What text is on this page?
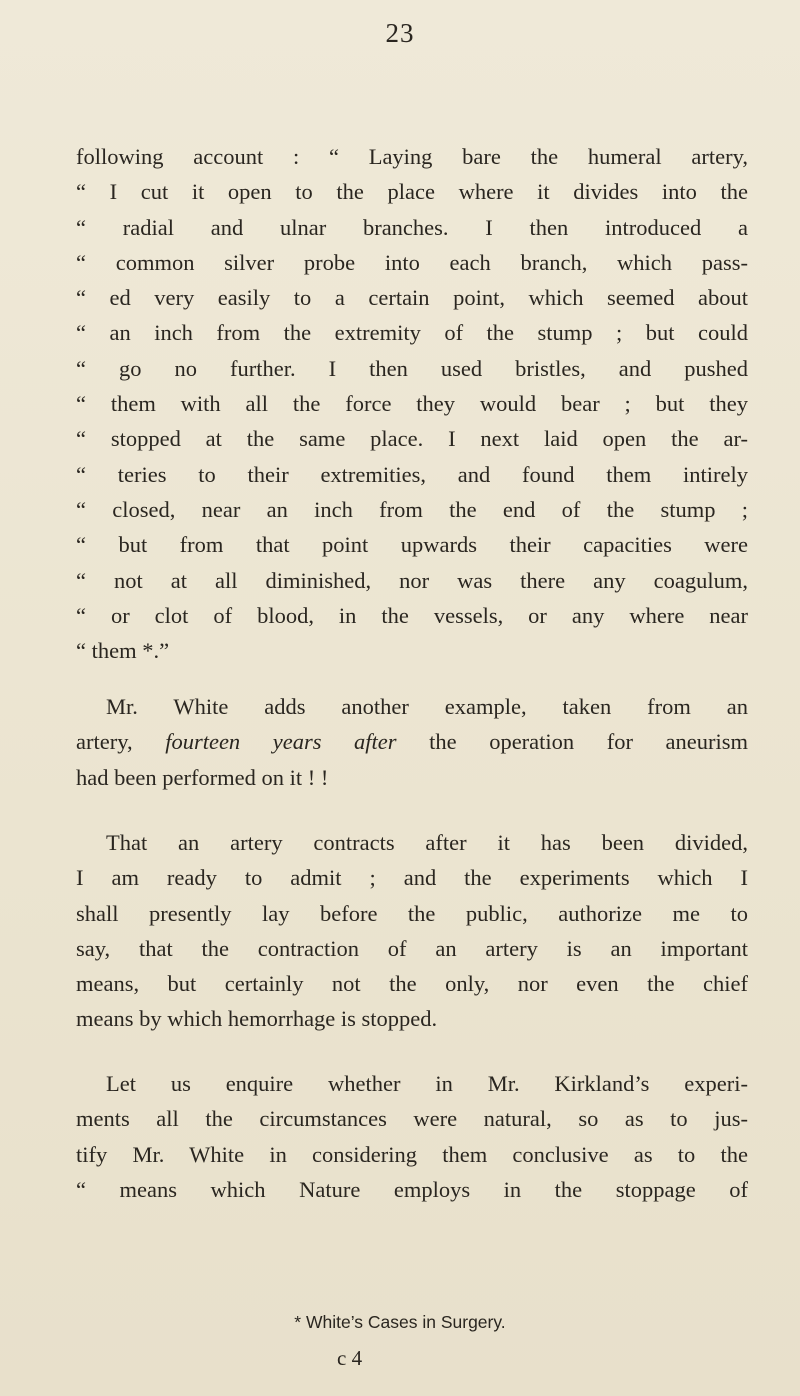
23
following account : “ Laying bare the humeral artery,
“ I cut it open to the place where it divides into the
“ radial and ulnar branches. I then introduced a
“ common silver probe into each branch, which pass-
“ ed very easily to a certain point, which seemed about
“ an inch from the extremity of the stump ; but could
“ go no further. I then used bristles, and pushed
“ them with all the force they would bear ; but they
“ stopped at the same place. I next laid open the ar-
“ teries to their extremities, and found them intirely
“ closed, near an inch from the end of the stump ;
“ but from that point upwards their capacities were
“ not at all diminished, nor was there any coagulum,
“ or clot of blood, in the vessels, or any where near
“ them *.”
Mr. White adds another example, taken from an
artery, fourteen years after the operation for aneurism
had been performed on it ! !
That an artery contracts after it has been divided,
I am ready to admit ; and the experiments which I
shall presently lay before the public, authorize me to
say, that the contraction of an artery is an important
means, but certainly not the only, nor even the chief
means by which hemorrhage is stopped.
Let us enquire whether in Mr. Kirkland’s experi-
ments all the circumstances were natural, so as to jus-
tify Mr. White in considering them conclusive as to the
“ means which Nature employs in the stoppage of
* White’s Cases in Surgery.
c 4
